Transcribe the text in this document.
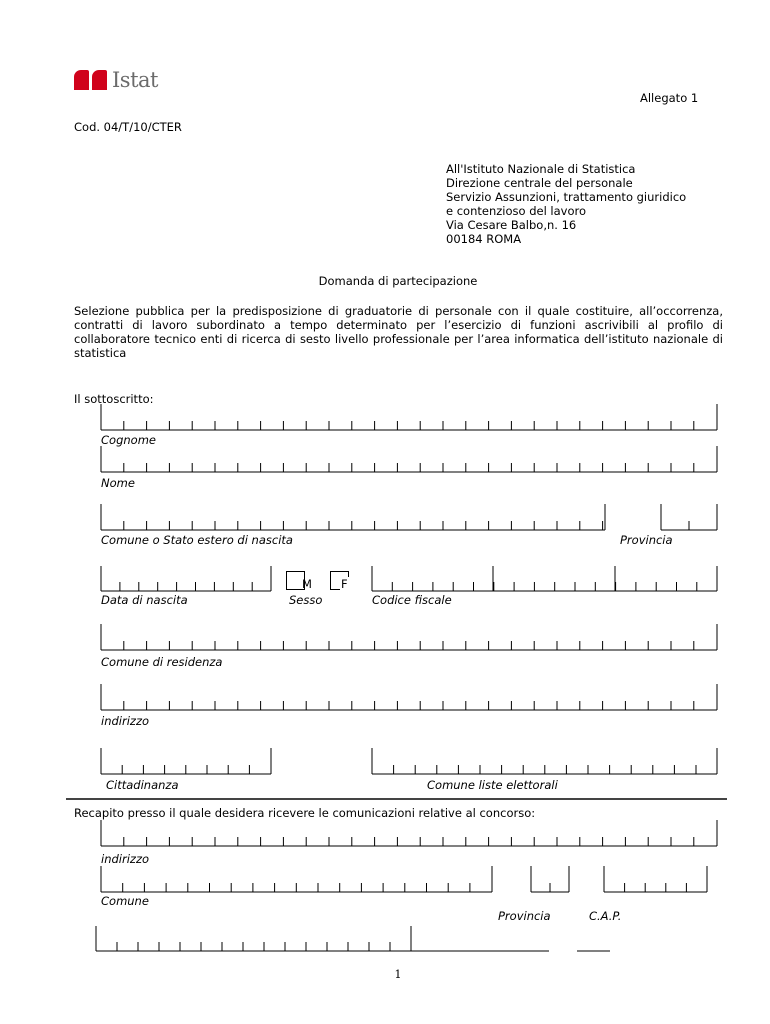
Istat
Allegato 1
Cod. 04/T/10/CTER
All'Istituto Nazionale di Statistica
Direzione centrale del personale
Servizio Assunzioni, trattamento giuridico
e contenzioso del lavoro
Via Cesare Balbo,n. 16
00184 ROMA
Domanda di partecipazione
Selezione pubblica per la predisposizione di graduatorie di personale con il quale costituire, all’occorrenza, contratti di lavoro subordinato a tempo determinato per l’esercizio di funzioni ascrivibili al profilo di collaboratore tecnico enti di ricerca di sesto livello professionale per l’area informatica dell’istituto nazionale di statistica
Il sottoscritto:
Cognome
Nome
Comune o Stato estero di nascita	Provincia
Data di nascita
M	F
Sesso	Codice fiscale
Comune di residenza
indirizzo
Cittadinanza	Comune liste elettorali
Recapito presso il quale desidera ricevere le comunicazioni relative al concorso:
indirizzo
Comune
Provincia	C.A.P.
1
